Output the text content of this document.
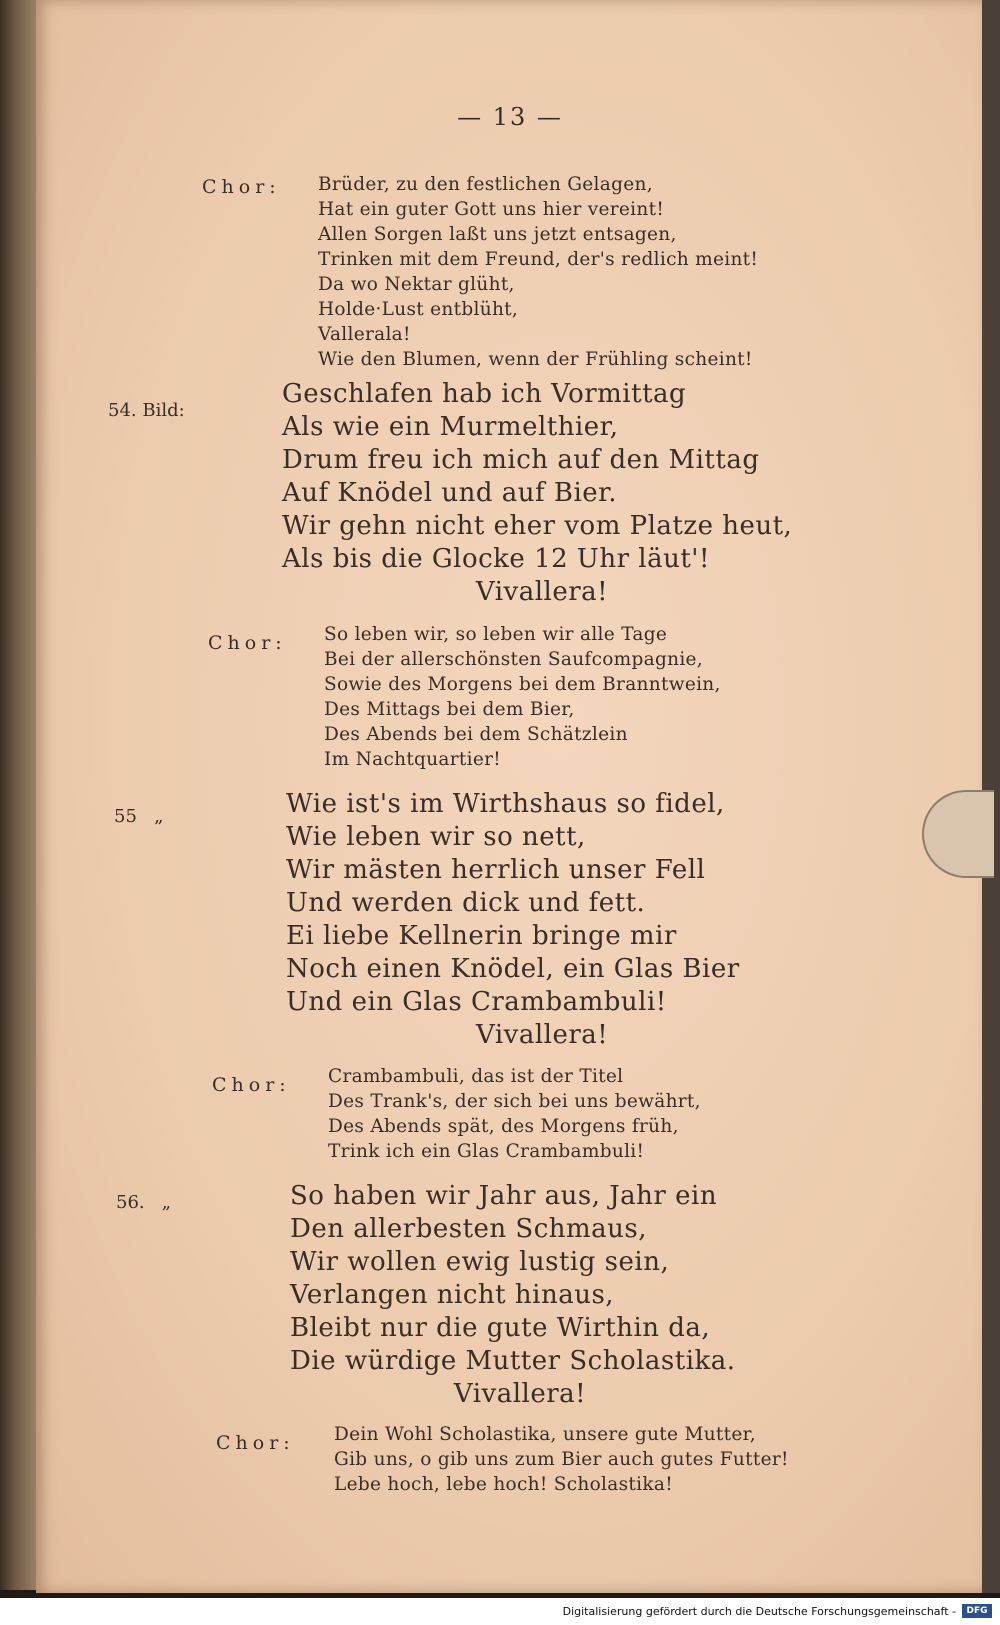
— 13 —
Chor: Brüder, zu den festlichen Gelagen,
Hat ein guter Gott uns hier vereint!
Allen Sorgen laßt uns jetzt entsagen,
Trinken mit dem Freund, der's redlich meint!
Da wo Nektar glüht,
Holde·Lust entblüht,
Vallerala!
Wie den Blumen, wenn der Frühling scheint!
54. Bild:
Geschlafen hab ich Vormittag
Als wie ein Murmelthier,
Drum freu ich mich auf den Mittag
Auf Knödel und auf Bier.
Wir gehn nicht eher vom Platze heut,
Als bis die Glocke 12 Uhr läut'!
Vivallera!
Chor: So leben wir, so leben wir alle Tage
Bei der allerschönsten Saufcompagnie,
Sowie des Morgens bei dem Branntwein,
Des Mittags bei dem Bier,
Des Abends bei dem Schätzlein
Im Nachtquartier!
55   „	Wie ist's im Wirthshaus so fidel,
Wie leben wir so nett,
Wir mästen herrlich unser Fell
Und werden dick und fett.
Ei liebe Kellnerin bringe mir
Noch einen Knödel, ein Glas Bier
Und ein Glas Crambambuli!
Vivallera!
Chor: Crambambuli, das ist der Titel
Des Trank's, der sich bei uns bewährt,
Des Abends spät, des Morgens früh,
Trink ich ein Glas Crambambuli!
56.   „	So haben wir Jahr aus, Jahr ein
Den allerbesten Schmaus,
Wir wollen ewig lustig sein,
Verlangen nicht hinaus,
Bleibt nur die gute Wirthin da,
Die würdige Mutter Scholastika.
Vivallera!
Chor: Dein Wohl Scholastika, unsere gute Mutter,
Gib uns, o gib uns zum Bier auch gutes Futter!
Lebe hoch, lebe hoch! Scholastika!
Digitalisierung gefördert durch die Deutsche Forschungsgemeinschaft -	DFG
